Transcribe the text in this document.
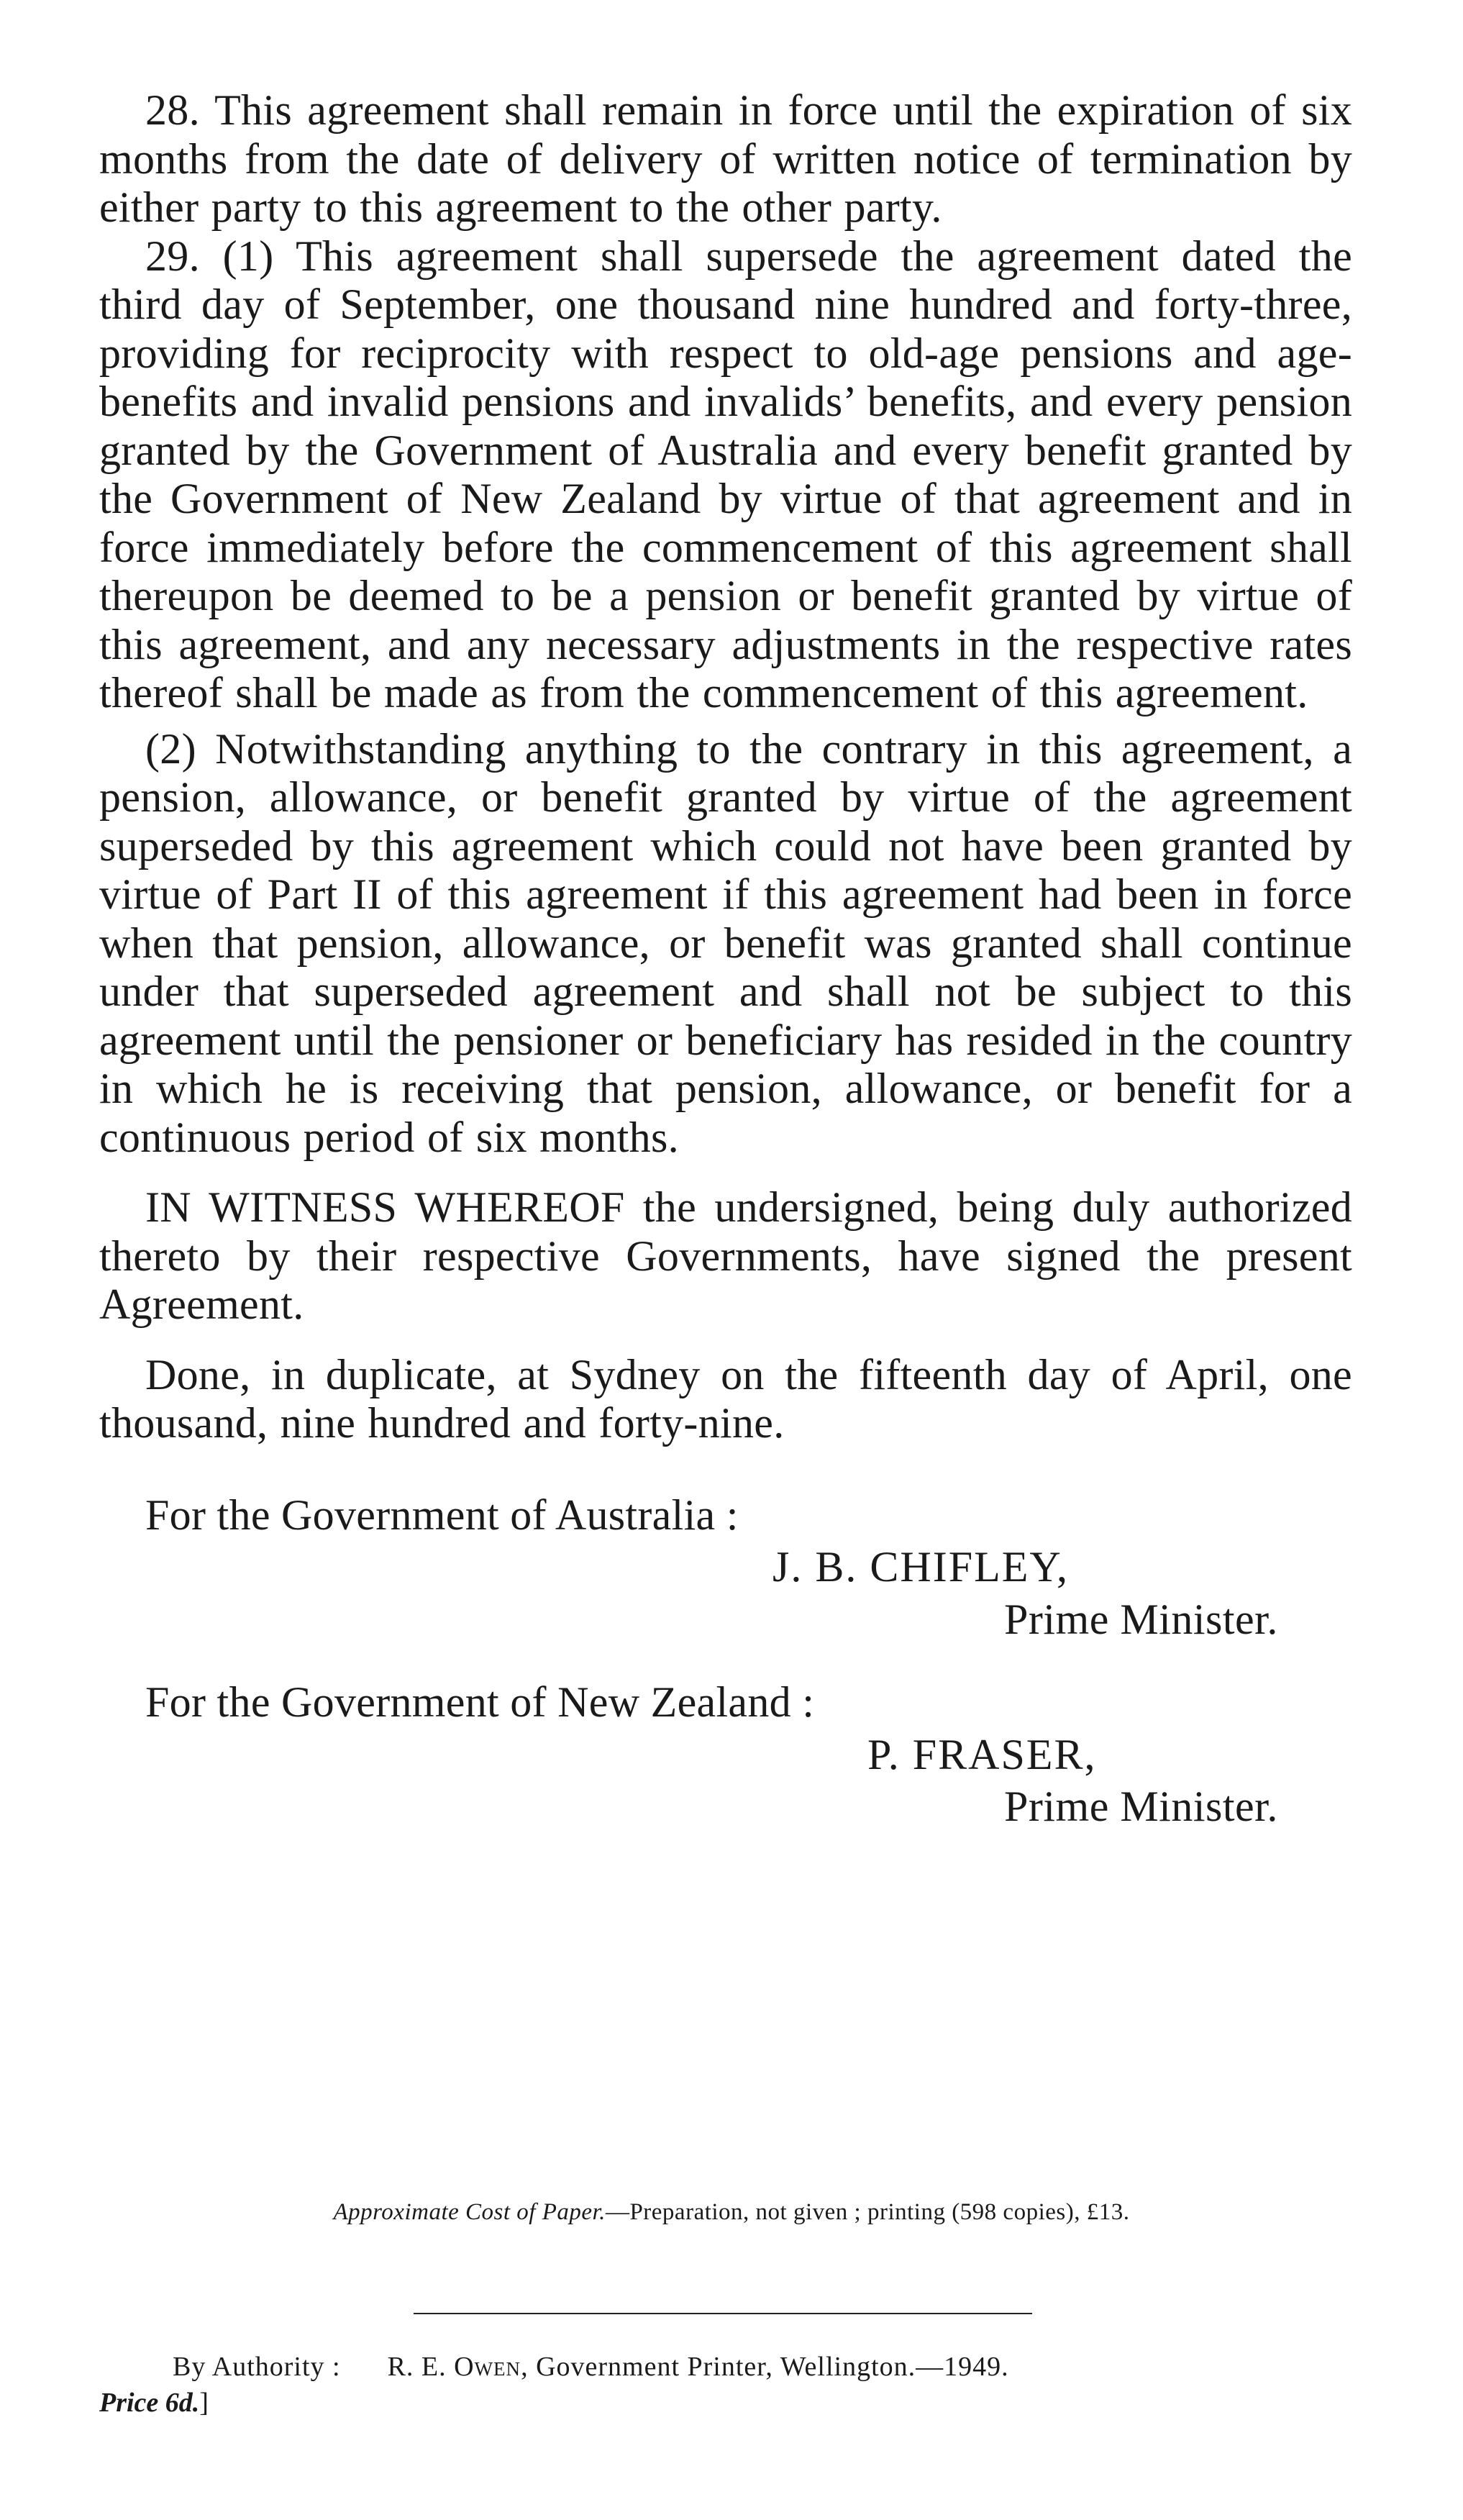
28. This agreement shall remain in force until the expiration of six months from the date of delivery of written notice of termination by either party to this agreement to the other party.

29. (1) This agreement shall supersede the agreement dated the third day of September, one thousand nine hundred and forty-three, providing for reciprocity with respect to old-age pensions and age-benefits and invalid pensions and invalids’ benefits, and every pension granted by the Government of Australia and every benefit granted by the Government of New Zealand by virtue of that agreement and in force immediately before the commencement of this agreement shall thereupon be deemed to be a pension or benefit granted by virtue of this agreement, and any necessary adjustments in the respective rates thereof shall be made as from the commencement of this agreement.

(2) Notwithstanding anything to the contrary in this agreement, a pension, allowance, or benefit granted by virtue of the agreement superseded by this agreement which could not have been granted by virtue of Part II of this agreement if this agreement had been in force when that pension, allowance, or benefit was granted shall continue under that superseded agreement and shall not be subject to this agreement until the pensioner or beneficiary has resided in the country in which he is receiving that pension, allowance, or benefit for a continuous period of six months.

IN WITNESS WHEREOF the undersigned, being duly authorized thereto by their respective Governments, have signed the present Agreement.

Done, in duplicate, at Sydney on the fifteenth day of April, one thousand, nine hundred and forty-nine.

For the Government of Australia :

J. B. CHIFLEY,

Prime Minister.

For the Government of New Zealand :

P. FRASER,

Prime Minister.

Approximate Cost of Paper.—Preparation, not given ; printing (598 copies), £13.
By Authority : R. E. Owen, Government Printer, Wellington.—1949.
Price 6d.]
